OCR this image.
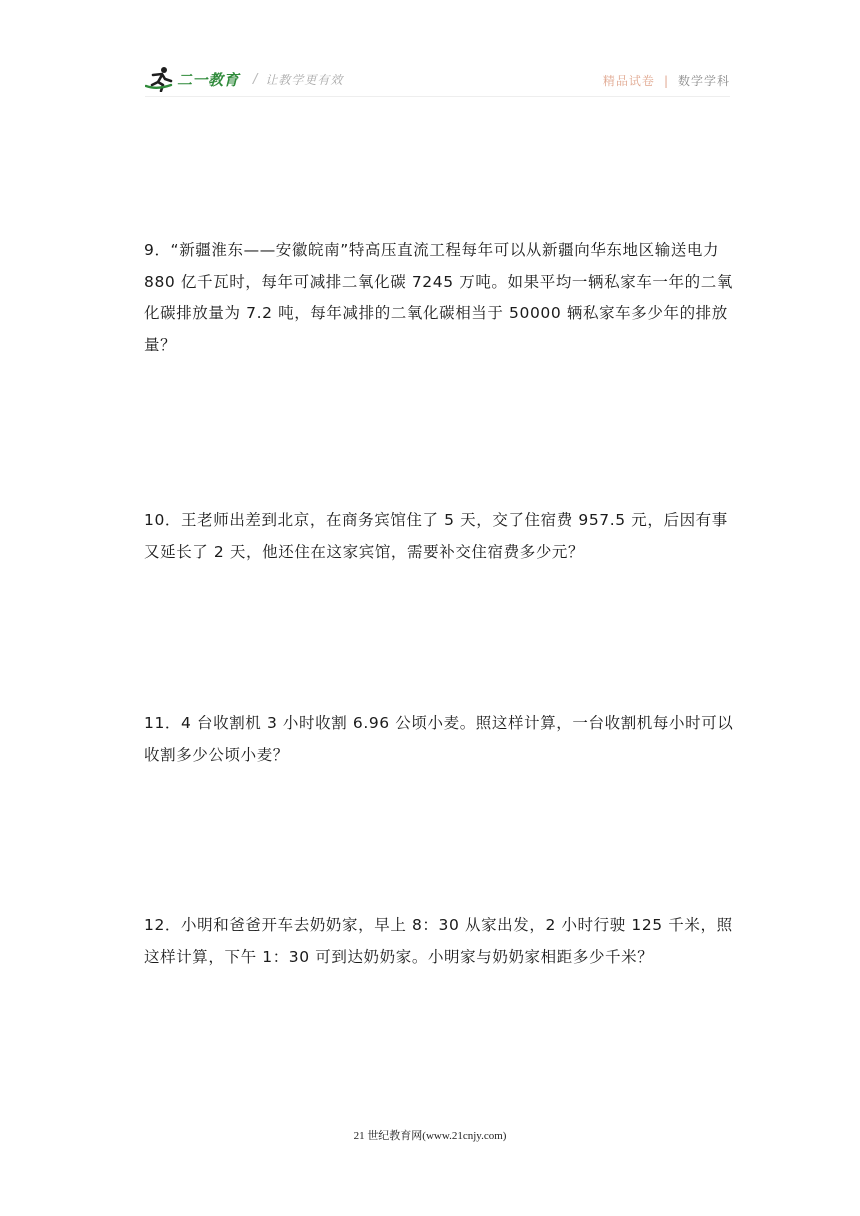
二一教育 / 让教学更有效	精品试卷 | 数学学科

9．“新疆淮东——安徽皖南”特高压直流工程每年可以从新疆向华东地区输送电力 880 亿千瓦时，每年可减排二氧化碳 7245 万吨。如果平均一辆私家车一年的二氧化碳排放量为 7.2 吨，每年减排的二氧化碳相当于 50000 辆私家车多少年的排放量？

10．王老师出差到北京，在商务宾馆住了 5 天，交了住宿费 957.5 元，后因有事又延长了 2 天，他还住在这家宾馆，需要补交住宿费多少元？

11．4 台收割机 3 小时收割 6.96 公顷小麦。照这样计算，一台收割机每小时可以收割多少公顷小麦？

12．小明和爸爸开车去奶奶家，早上 8：30 从家出发，2 小时行驶 125 千米，照这样计算，下午 1：30 可到达奶奶家。小明家与奶奶家相距多少千米？

21 世纪教育网(www.21cnjy.com)
